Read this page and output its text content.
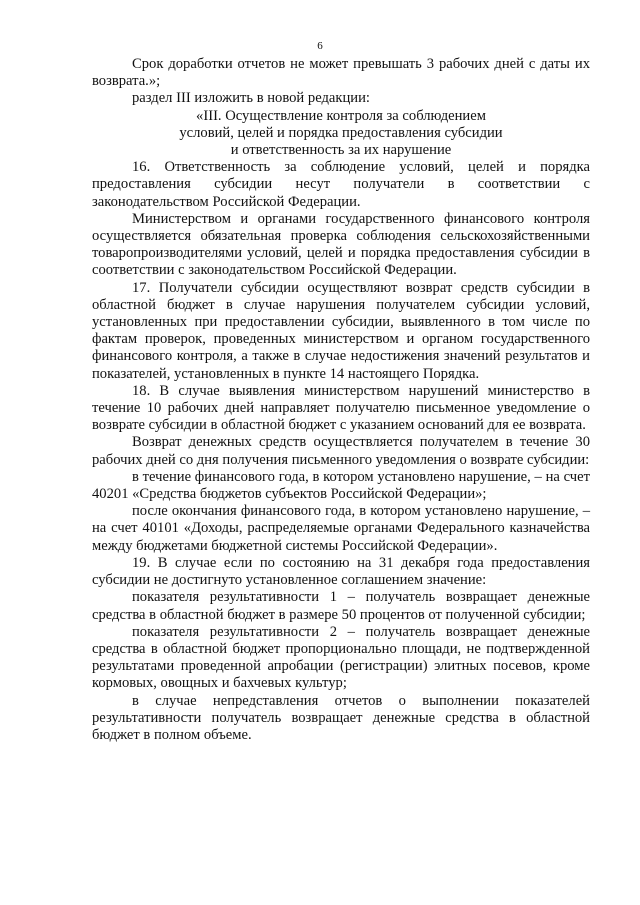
6

Срок доработки отчетов не может превышать 3 рабочих дней с даты их возврата.»;

раздел III изложить в новой редакции:

«III. Осуществление контроля за соблюдением

условий, целей и порядка предоставления субсидии

и ответственность за их нарушение

16. Ответственность за соблюдение условий, целей и порядка предоставления субсидии несут получатели в соответствии с законодательством Российской Федерации.

Министерством и органами государственного финансового контроля осуществляется обязательная проверка соблюдения сельскохозяйственными товаропроизводителями условий, целей и порядка предоставления субсидии в соответствии с законодательством Российской Федерации.

17. Получатели субсидии осуществляют возврат средств субсидии в областной бюджет в случае нарушения получателем субсидии условий, установленных при предоставлении субсидии, выявленного в том числе по фактам проверок, проведенных министерством и органом государственного финансового контроля, а также в случае недостижения значений результатов и показателей, установленных в пункте 14 настоящего Порядка.

18. В случае выявления министерством нарушений министерство в течение 10 рабочих дней направляет получателю письменное уведомление о возврате субсидии в областной бюджет с указанием оснований для ее возврата.

Возврат денежных средств осуществляется получателем в течение 30 рабочих дней со дня получения письменного уведомления о возврате субсидии:

в течение финансового года, в котором установлено нарушение, – на счет 40201 «Средства бюджетов субъектов Российской Федерации»;

после окончания финансового года, в котором установлено нарушение, – на счет 40101 «Доходы, распределяемые органами Федерального казначейства между бюджетами бюджетной системы Российской Федерации».

19. В случае если по состоянию на 31 декабря года предоставления субсидии не достигнуто установленное соглашением значение:

показателя результативности 1 – получатель возвращает денежные средства в областной бюджет в размере 50 процентов от полученной субсидии;

показателя результативности 2 – получатель возвращает денежные средства в областной бюджет пропорционально площади, не подтвержденной результатами проведенной апробации (регистрации) элитных посевов, кроме кормовых, овощных и бахчевых культур;

в случае непредставления отчетов о выполнении показателей результативности получатель возвращает денежные средства в областной бюджет в полном объеме.
